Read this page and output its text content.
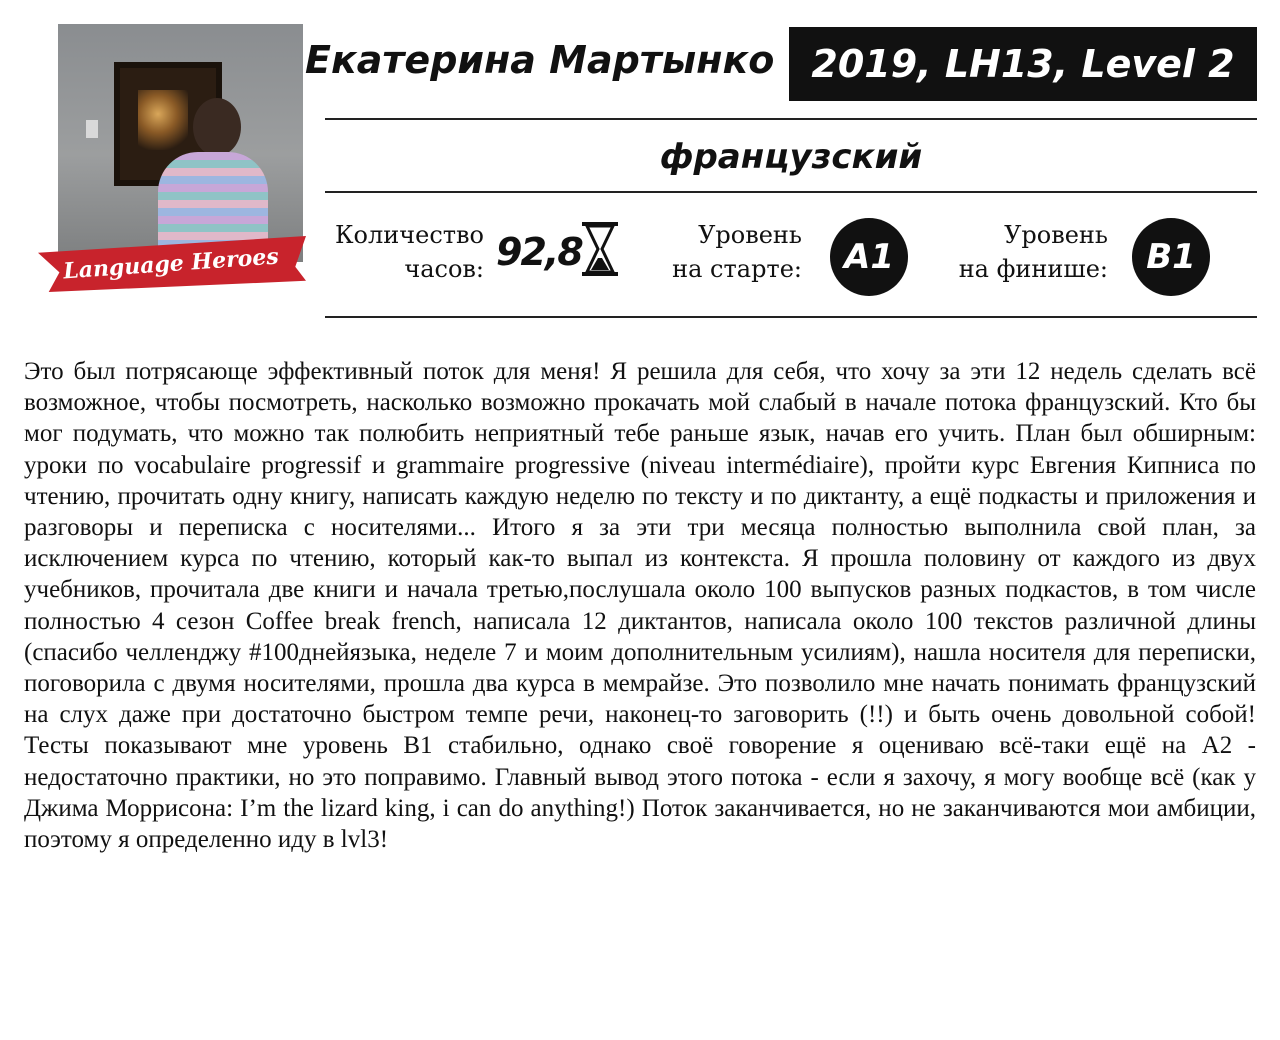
Language Heroes
Екатерина Мартынко 2019, LH13, Level 2
французский
Количество
часов: 92,8	Уровень
на старте:	A1
Уровень
на финише:	B1

Это был потрясающе эффективный поток для меня! Я решила для себя, что хочу за эти 12 недель сделать всё возможное, чтобы посмотреть, насколько возможно прокачать мой слабый в начале потока французский. Кто бы мог подумать, что можно так полюбить неприятный тебе раньше язык, начав его учить. План был обширным: уроки по vocabulaire progressif и grammaire progressive (niveau intermédiaire), пройти курс Евгения Кипниса по чтению, прочитать одну книгу, написать каждую неделю по тексту и по диктанту, а ещё подкасты и приложения и разговоры и переписка с носителями... Итого я за эти три месяца полностью выполнила свой план, за исключением курса по чтению, который как-то выпал из контекста. Я прошла половину от каждого из двух учебников, прочитала две книги и начала третью,послушала около 100 выпусков разных подкастов, в том числе полностью 4 сезон Coffee break french, написала 12 диктантов, написала около 100 текстов различной длины (спасибо челленджу #100днейязыка, неделе 7 и моим дополнительным усилиям), нашла носителя для переписки, поговорила с двумя носителями, прошла два курса в мемрайзе. Это позволило мне начать понимать французский на слух даже при достаточно быстром темпе речи, наконец-то заговорить (!!) и быть очень довольной собой! Тесты показывают мне уровень B1 стабильно, однако своё говорение я оцениваю всё-таки ещё на A2 - недостаточно практики, но это поправимо. Главный вывод этого потока - если я захочу, я могу вообще всё (как у Джима Моррисона: I’m the lizard king, i can do anything!) Поток заканчивается, но не заканчиваются мои амбиции, поэтому я определенно иду в lvl3!
